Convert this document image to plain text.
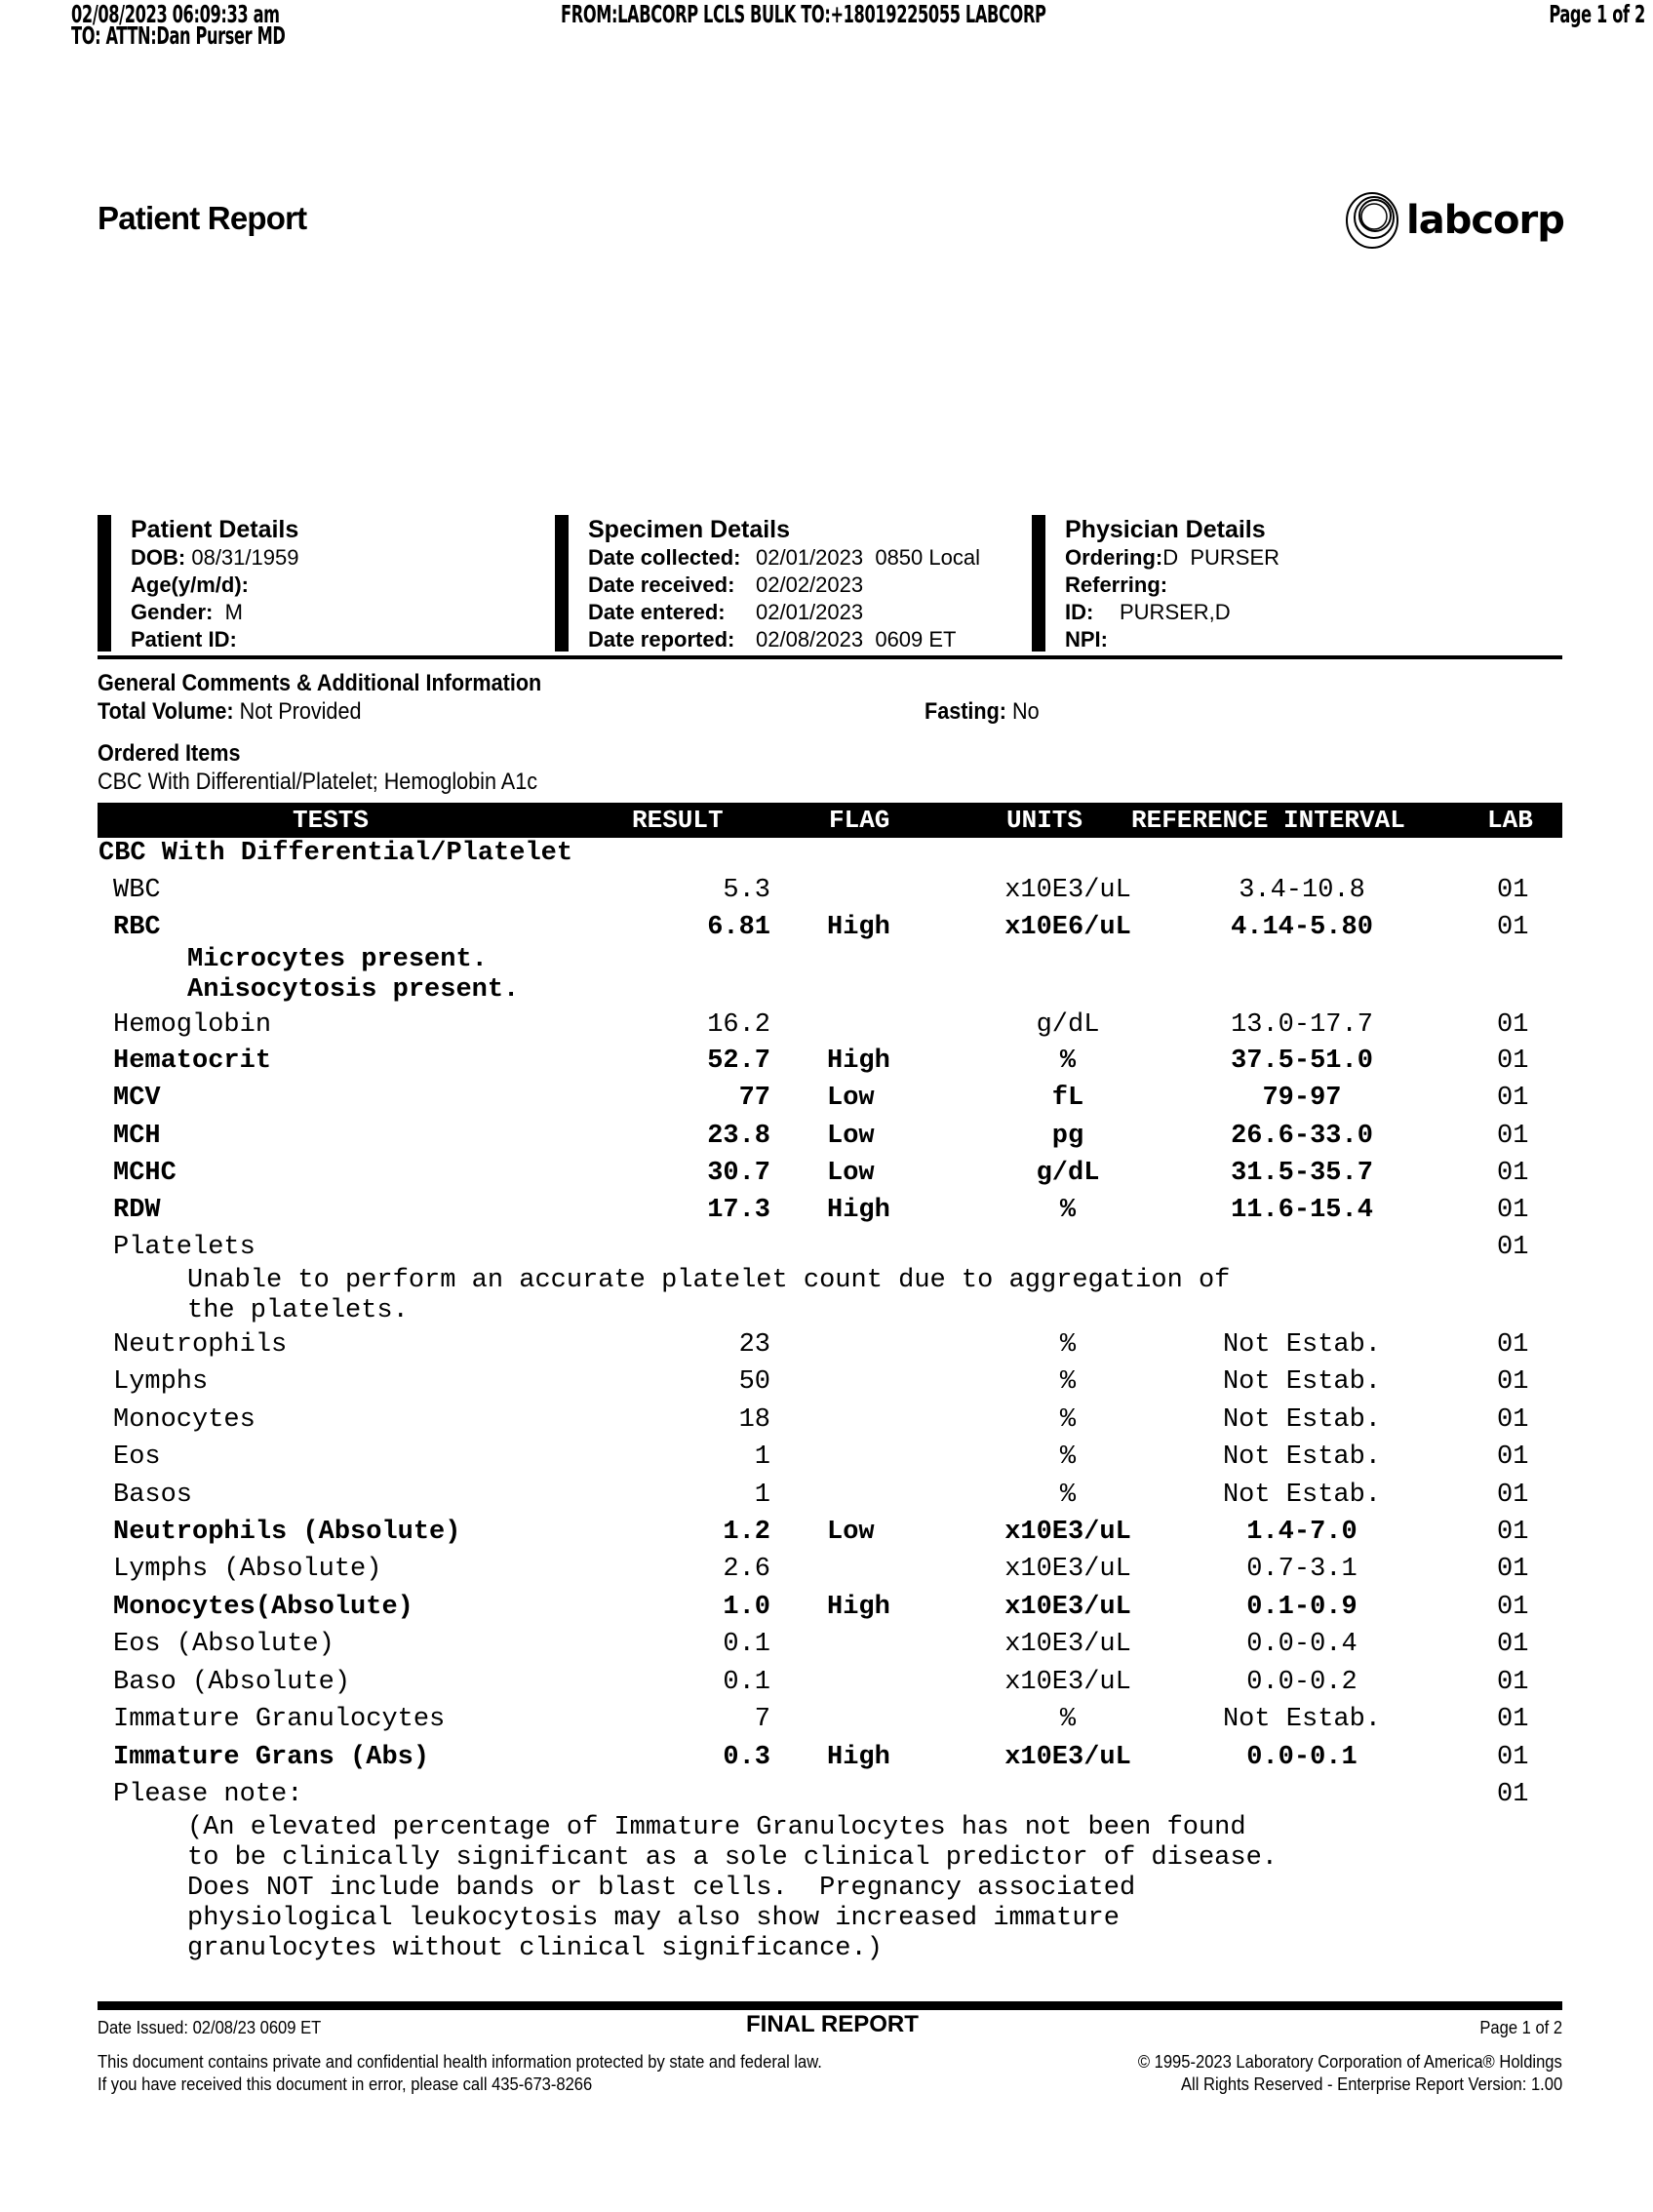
02/08/2023 06:09:33 am
TO: ATTN:Dan Purser MD
FROM:LABCORP LCLS BULK TO:+18019225055 LABCORP	Page 1 of 2
Patient Report	labcorp
Patient Details
DOB: 08/31/1959
Age(y/m/d):
Gender: M
Patient ID:
Specimen Details
Date collected: 02/01/2023  0850 Local
Date received: 02/02/2023
Date entered: 02/01/2023
Date reported: 02/08/2023  0609 ET
Physician Details
Ordering:D  PURSER
Referring:
ID: PURSER,D
NPI:
General Comments & Additional Information
Total Volume: Not Provided	Fasting: No
Ordered Items
CBC With Differential/Platelet; Hemoglobin A1c
TESTS	RESULT	FLAG	UNITS REFERENCE INTERVAL	LAB
CBC With Differential/Platelet
WBC	5.3	x10E3/uL	3.4-10.8	01
RBC	6.81 High	x10E6/uL	4.14-5.80	01
Hemoglobin	16.2	g/dL	13.0-17.7	01
Hematocrit	52.7 High	%	37.5-51.0	01
MCV	77 Low	fL	79-97	01
MCH	23.8 Low	pg	26.6-33.0	01
MCHC	30.7 Low	g/dL	31.5-35.7	01
RDW	17.3 High	%	11.6-15.4	01
Platelets	01
Neutrophils	23	%	Not Estab.	01
Lymphs	50	%	Not Estab.	01
Monocytes	18	%	Not Estab.	01
Eos	1	%	Not Estab.	01
Basos	1	%	Not Estab.	01
Neutrophils (Absolute)	1.2 Low	x10E3/uL	1.4-7.0	01
Lymphs (Absolute)	2.6	x10E3/uL	0.7-3.1	01
Monocytes(Absolute)	1.0 High	x10E3/uL	0.1-0.9	01
Eos (Absolute)	0.1	x10E3/uL	0.0-0.4	01
Baso (Absolute)	0.1	x10E3/uL	0.0-0.2	01
Immature Granulocytes	7	%	Not Estab.	01
Immature Grans (Abs)	0.3 High	x10E3/uL	0.0-0.1	01
Please note:	01
Microcytes present.
Anisocytosis present.
Unable to perform an accurate platelet count due to aggregation of
the platelets.
(An elevated percentage of Immature Granulocytes has not been found
to be clinically significant as a sole clinical predictor of disease.
Does NOT include bands or blast cells.  Pregnancy associated
physiological leukocytosis may also show increased immature
granulocytes without clinical significance.)
Date Issued: 02/08/23 0609 ET	FINAL REPORT	Page 1 of 2
This document contains private and confidential health information protected by state and federal law.
If you have received this document in error, please call 435-673-8266
© 1995-2023 Laboratory Corporation of America® Holdings
All Rights Reserved - Enterprise Report Version: 1.00
